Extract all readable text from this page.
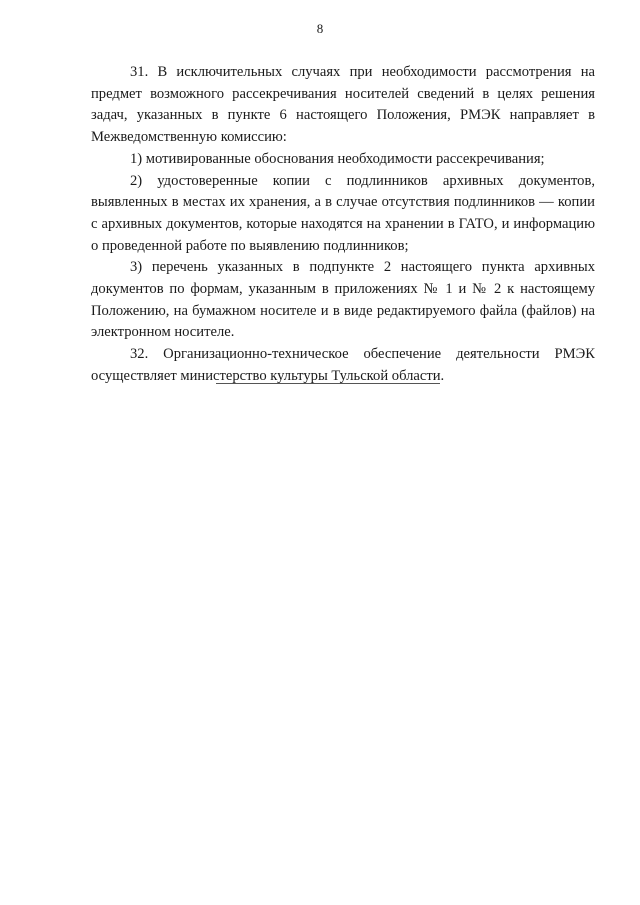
8

31. В исключительных случаях при необходимости рассмотрения на предмет возможного рассекречивания носителей сведений в целях решения задач, указанных в пункте 6 настоящего Положения, РМЭК направляет в Межведомственную комиссию:

1) мотивированные обоснования необходимости рассекречивания;

2) удостоверенные копии с подлинников архивных документов, выявленных в местах их хранения, а в случае отсутствия подлинников — копии с архивных документов, которые находятся на хранении в ГАТО, и информацию о проведенной работе по выявлению подлинников;

3) перечень указанных в подпункте 2 настоящего пункта архивных документов по формам, указанным в приложениях № 1 и № 2 к настоящему Положению, на бумажном носителе и в виде редактируемого файла (файлов) на электронном носителе.

32. Организационно-техническое обеспечение деятельности РМЭК осуществляет министерство культуры Тульской области.
